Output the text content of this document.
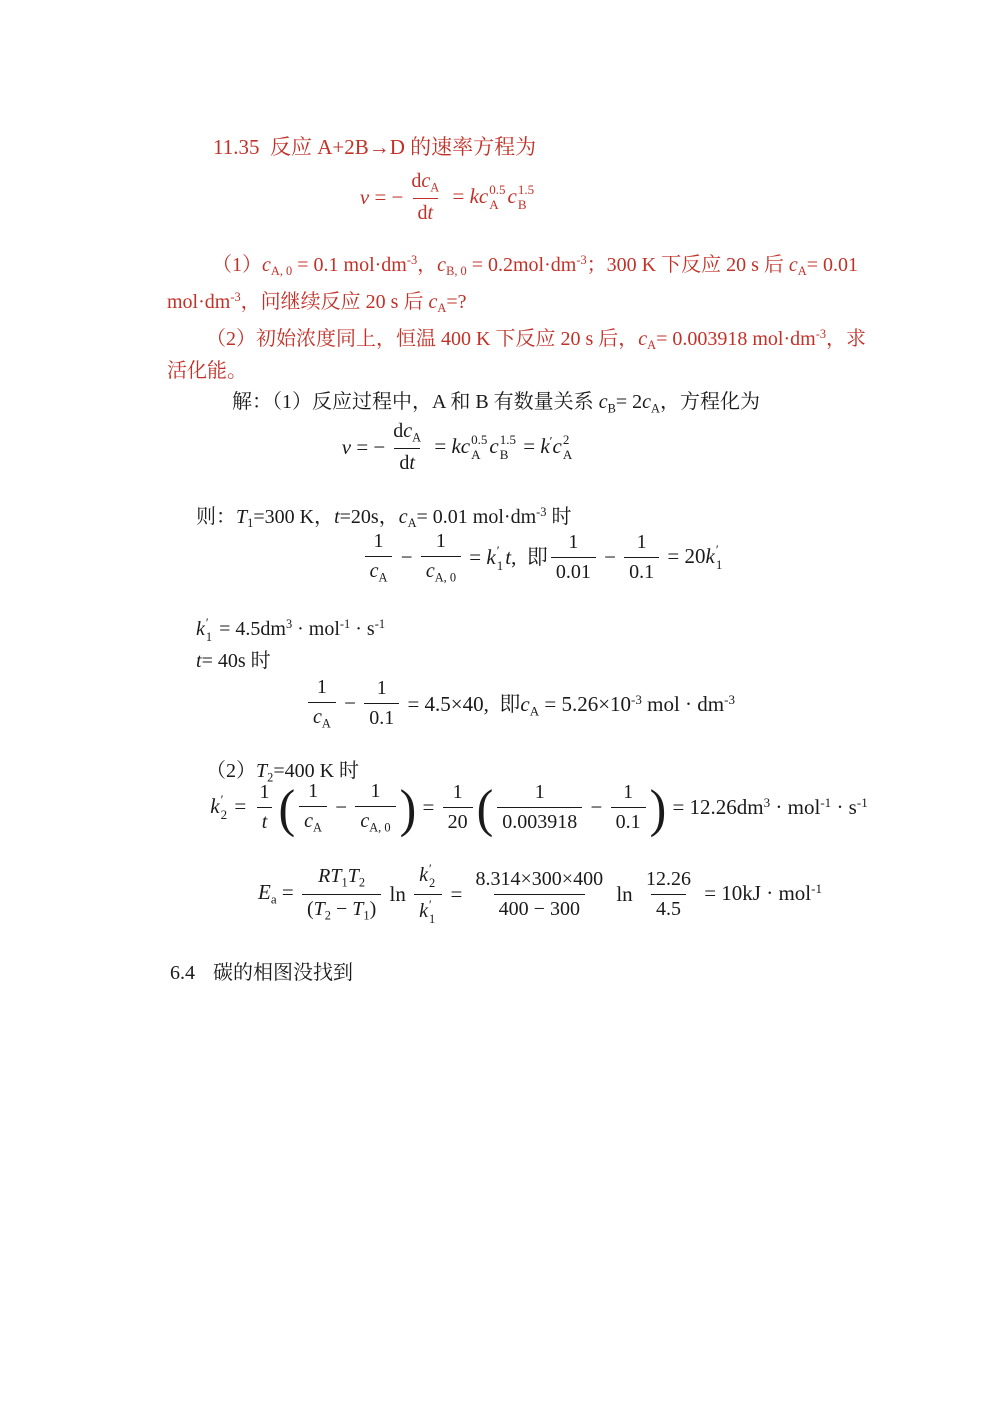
11.35  反应 A+2B→D 的速率方程为
v = − $\frac{dc_A}{dt}$ = kc 0.5
A c 1.5
B
$(1)c_{A, 0} = 0.1$ $mol\cdot dm^{-3}$，$c_{B, 0} = 0.2mol\cdot dm^{-3}$；300 K 下反应 20 s 后 $c_A= 0.01$
$mol\cdot dm^{-3}$，问继续反应 20 s 后 $c_A=$?
（2）初始浓度同上，恒温 400 K 下反应 20 s 后，$c_A= 0.003918$ $mol\cdot dm^{-3}$，求
活化能。
解：（1）反应过程中，A 和 B 有数量关系 $c_B= 2c_A$，方程化为
v = − $\frac{dc_A}{dt}$ = kc 0.5
A c 1.5
B = k′c 2
A
则：$T_1=300$ K，t=20s，$c_A= 0.01$ $mol\cdot dm^{-3}$ 时
$\frac{1}{c_A} - \frac{1}{c_{A, 0}} = k$ ′
1 t,  即 $\frac{1}{0.01} - \frac{1}{0.1} = 20k$ ′
1
k ′
$1 = 4.5dm^3 \cdot mol^{-1} \cdot s^{-1}$
t= 40s 时
$\frac{1}{c_A} - \frac{1}{0.1} = 4.5\times 40$,  即$c_A = 5.26\times 10^{-3}$ mol · $dm^{-3}$
$(2)T_2=400$ K 时
k ′
$2 = \frac{1}{t}$ ( $\frac{1}{c_A} - \frac{1}{c_{A, 0}}$ ) = $\frac{1}{20}$ ( $\frac{1}{0.003918} - \frac{1}{0.1}$ ) = $12.26dm^3 \cdot mol^{-1} \cdot s^{-1}$
$E_a = \frac{RT_1T_2}{(T_2 - T_1)}$ ln k ′
2
k ′
$1 = \frac{8.314\times 300\times 400}{400 - 300}$ $\ln \frac{12.26}{4.5} = 10kJ \cdot mol^{-1}$

6.4 碳的相图没找到
